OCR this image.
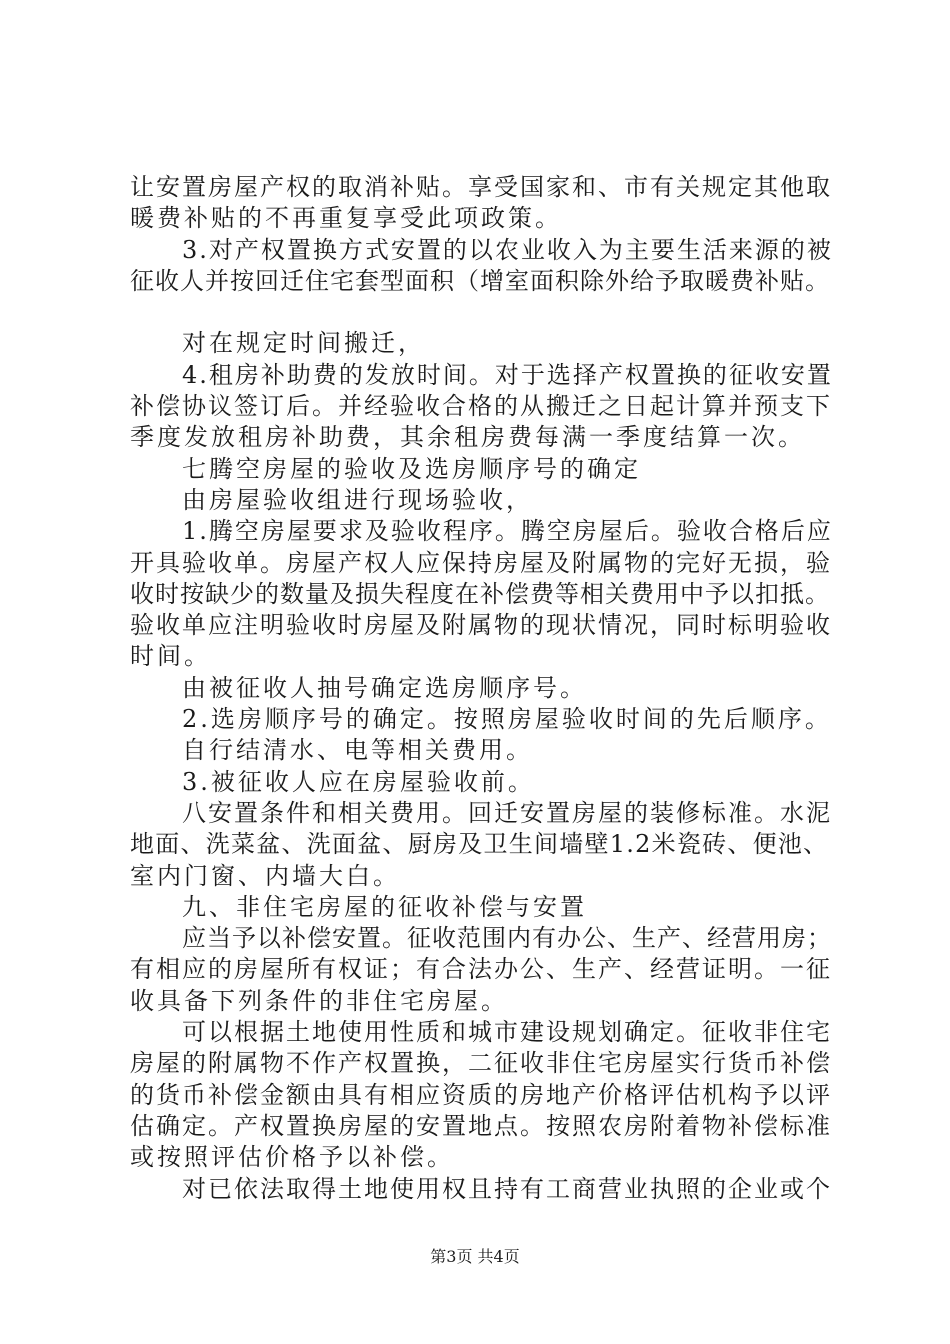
让安置房屋产权的取消补贴。享受国家和、市有关规定其他取
暖费补贴的不再重复享受此项政策。
3.对产权置换方式安置的以农业收入为主要生活来源的被
征收人并按回迁住宅套型面积（增室面积除外给予取暖费补贴。
对在规定时间搬迁，
4.租房补助费的发放时间。对于选择产权置换的征收安置
补偿协议签订后。并经验收合格的从搬迁之日起计算并预支下
季度发放租房补助费，其余租房费每满一季度结算一次。
七腾空房屋的验收及选房顺序号的确定
由房屋验收组进行现场验收，
1.腾空房屋要求及验收程序。腾空房屋后。验收合格后应
开具验收单。房屋产权人应保持房屋及附属物的完好无损，验
收时按缺少的数量及损失程度在补偿费等相关费用中予以扣抵。
验收单应注明验收时房屋及附属物的现状情况，同时标明验收
时间。
由被征收人抽号确定选房顺序号。
2.选房顺序号的确定。按照房屋验收时间的先后顺序。
自行结清水、电等相关费用。
3.被征收人应在房屋验收前。
八安置条件和相关费用。回迁安置房屋的装修标准。水泥
地面、洗菜盆、洗面盆、厨房及卫生间墙壁1.2米瓷砖、便池、
室内门窗、内墙大白。
九、非住宅房屋的征收补偿与安置
应当予以补偿安置。征收范围内有办公、生产、经营用房；
有相应的房屋所有权证；有合法办公、生产、经营证明。一征
收具备下列条件的非住宅房屋。
可以根据土地使用性质和城市建设规划确定。征收非住宅
房屋的附属物不作产权置换，二征收非住宅房屋实行货币补偿
的货币补偿金额由具有相应资质的房地产价格评估机构予以评
估确定。产权置换房屋的安置地点。按照农房附着物补偿标准
或按照评估价格予以补偿。
对已依法取得土地使用权且持有工商营业执照的企业或个
第3页 共4页
